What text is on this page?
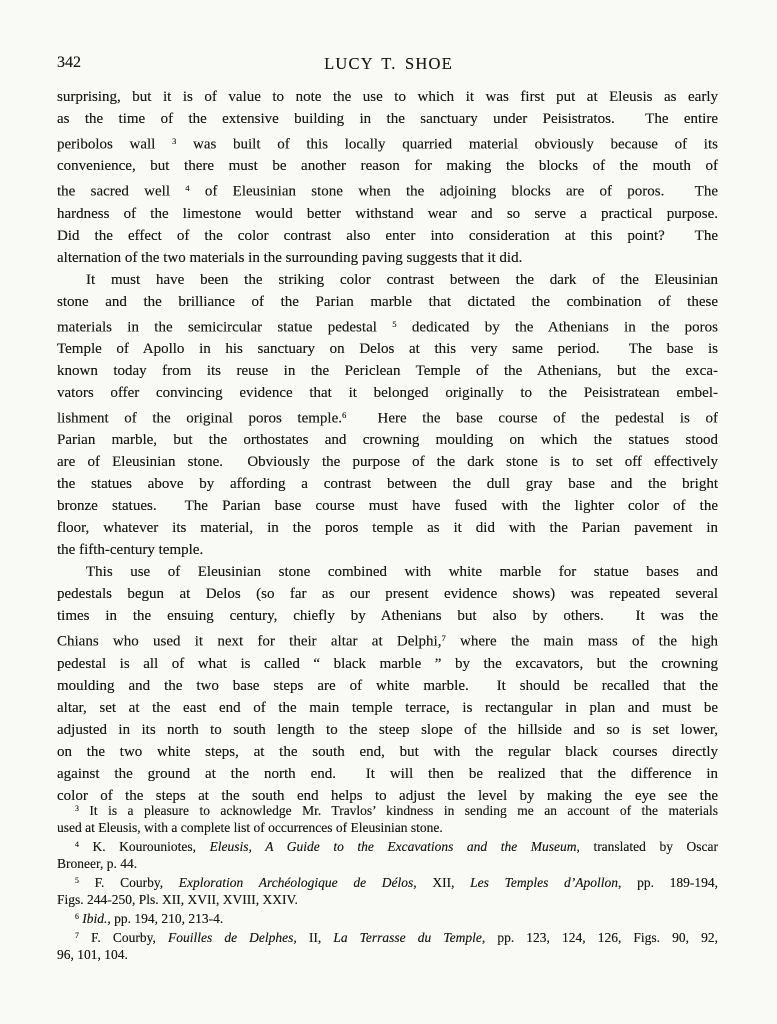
342	LUCY T. SHOE
surprising, but it is of value to note the use to which it was first put at Eleusis as early
as the time of the extensive building in the sanctuary under Peisistratos.  The entire
peribolos wall $^3$ was built of this locally quarried material obviously because of its
convenience, but there must be another reason for making the blocks of the mouth of
the sacred well $^4$ of Eleusinian stone when the adjoining blocks are of poros.  The
hardness of the limestone would better withstand wear and so serve a practical purpose.
Did the effect of the color contrast also enter into consideration at this point?  The
alternation of the two materials in the surrounding paving suggests that it did.
It must have been the striking color contrast between the dark of the Eleusinian
stone and the brilliance of the Parian marble that dictated the combination of these
materials in the semicircular statue pedestal $^5$ dedicated by the Athenians in the poros
Temple of Apollo in his sanctuary on Delos at this very same period.  The base is
known today from its reuse in the Periclean Temple of the Athenians, but the exca-
vators offer convincing evidence that it belonged originally to the Peisistratean embel-
lishment of the original poros temple.$^6$  Here the base course of the pedestal is of
Parian marble, but the orthostates and crowning moulding on which the statues stood
are of Eleusinian stone.  Obviously the purpose of the dark stone is to set off effectively
the statues above by affording a contrast between the dull gray base and the bright
bronze statues.  The Parian base course must have fused with the lighter color of the
floor, whatever its material, in the poros temple as it did with the Parian pavement in
the fifth-century temple.
This use of Eleusinian stone combined with white marble for statue bases and
pedestals begun at Delos (so far as our present evidence shows) was repeated several
times in the ensuing century, chiefly by Athenians but also by others.  It was the
Chians who used it next for their altar at Delphi,$^7$ where the main mass of the high
pedestal is all of what is called “ black marble ” by the excavators, but the crowning
moulding and the two base steps are of white marble.  It should be recalled that the
altar, set at the east end of the main temple terrace, is rectangular in plan and must be
adjusted in its north to south length to the steep slope of the hillside and so is set lower,
on the two white steps, at the south end, but with the regular black courses directly
against the ground at the north end.  It will then be realized that the difference in
color of the steps at the south end helps to adjust the level by making the eye see the
$^3$ It is a pleasure to acknowledge Mr. Travlos’ kindness in sending me an account of the materials
used at Eleusis, with a complete list of occurrences of Eleusinian stone.
$^4$ K. Kourouniotes, Eleusis, A Guide to the Excavations and the Museum, translated by Oscar
Broneer, p. 44.
$^5$ F. Courby, Exploration Archéologique de Délos, XII, Les Temples d’Apollon, pp. 189-194,
Figs. 244-250, Pls. XII, XVII, XVIII, XXIV.
$^6$ Ibid., pp. 194, 210, 213-4.
$^7$ F. Courby, Fouilles de Delphes, II, La Terrasse du Temple, pp. 123, 124, 126, Figs. 90, 92,
96, 101, 104.
